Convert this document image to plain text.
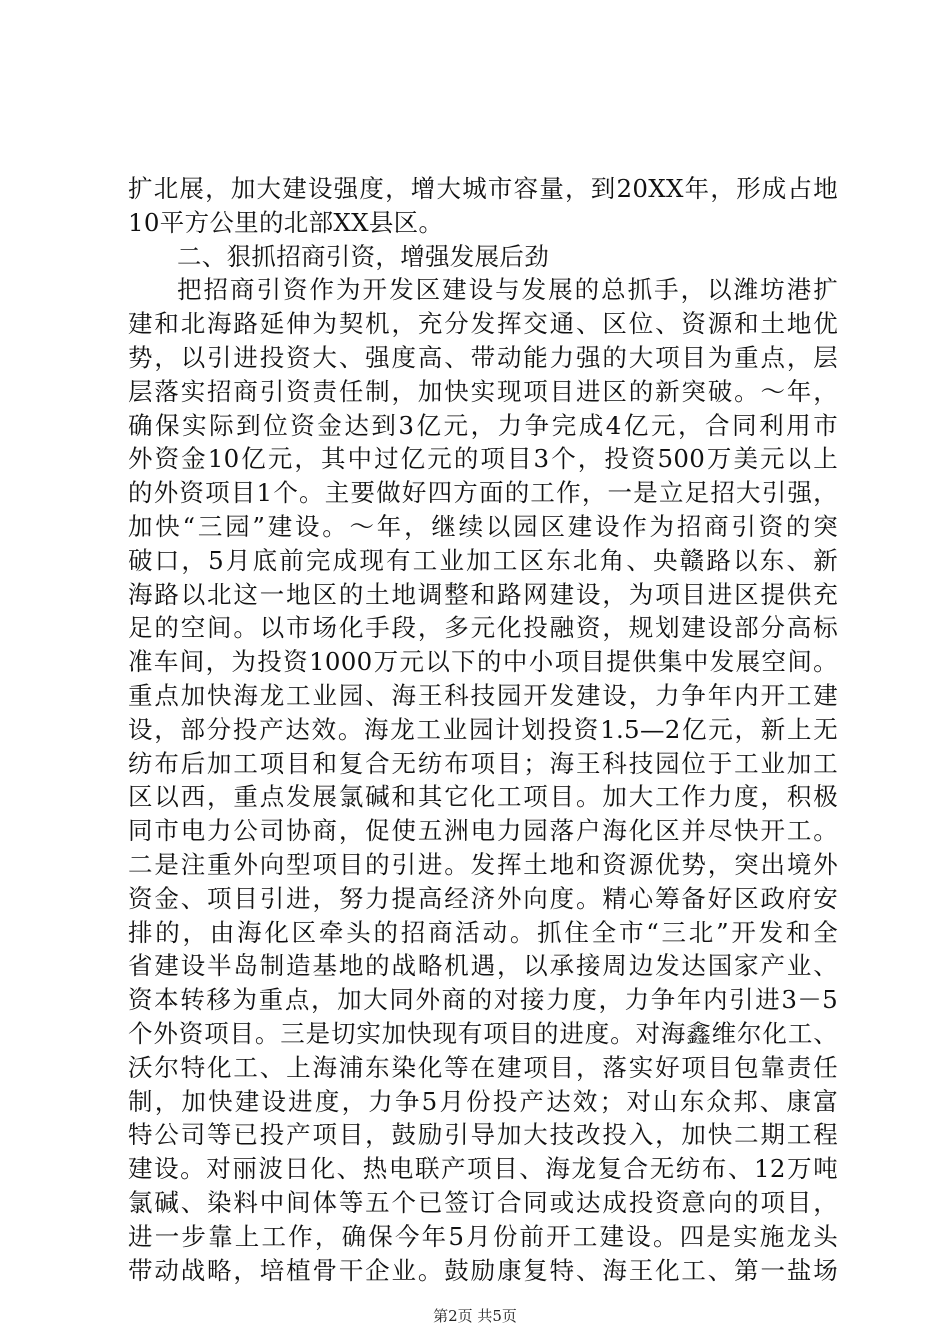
扩北展，加大建设强度，增大城市容量，到20XX年，形成占地
10平方公里的北部XX县区。
二、狠抓招商引资，增强发展后劲
把招商引资作为开发区建设与发展的总抓手，以潍坊港扩
建和北海路延伸为契机，充分发挥交通、区位、资源和土地优
势，以引进投资大、强度高、带动能力强的大项目为重点，层
层落实招商引资责任制，加快实现项目进区的新突破。～年，
确保实际到位资金达到3亿元，力争完成4亿元，合同利用市
外资金10亿元，其中过亿元的项目3个，投资500万美元以上
的外资项目1个。主要做好四方面的工作，一是立足招大引强，
加快“三园”建设。～年，继续以园区建设作为招商引资的突
破口，5月底前完成现有工业加工区东北角、央赣路以东、新
海路以北这一地区的土地调整和路网建设，为项目进区提供充
足的空间。以市场化手段，多元化投融资，规划建设部分高标
准车间，为投资1000万元以下的中小项目提供集中发展空间。
重点加快海龙工业园、海王科技园开发建设，力争年内开工建
设，部分投产达效。海龙工业园计划投资1.5—2亿元，新上无
纺布后加工项目和复合无纺布项目；海王科技园位于工业加工
区以西，重点发展氯碱和其它化工项目。加大工作力度，积极
同市电力公司协商，促使五洲电力园落户海化区并尽快开工。
二是注重外向型项目的引进。发挥土地和资源优势，突出境外
资金、项目引进，努力提高经济外向度。精心筹备好区政府安
排的，由海化区牵头的招商活动。抓住全市“三北”开发和全
省建设半岛制造基地的战略机遇，以承接周边发达国家产业、
资本转移为重点，加大同外商的对接力度，力争年内引进3－5
个外资项目。三是切实加快现有项目的进度。对海鑫维尔化工、
沃尔特化工、上海浦东染化等在建项目，落实好项目包靠责任
制，加快建设进度，力争5月份投产达效；对山东众邦、康富
特公司等已投产项目，鼓励引导加大技改投入，加快二期工程
建设。对丽波日化、热电联产项目、海龙复合无纺布、12万吨
氯碱、染料中间体等五个已签订合同或达成投资意向的项目，
进一步靠上工作，确保今年5月份前开工建设。四是实施龙头
带动战略，培植骨干企业。鼓励康复特、海王化工、第一盐场
第2页 共5页
